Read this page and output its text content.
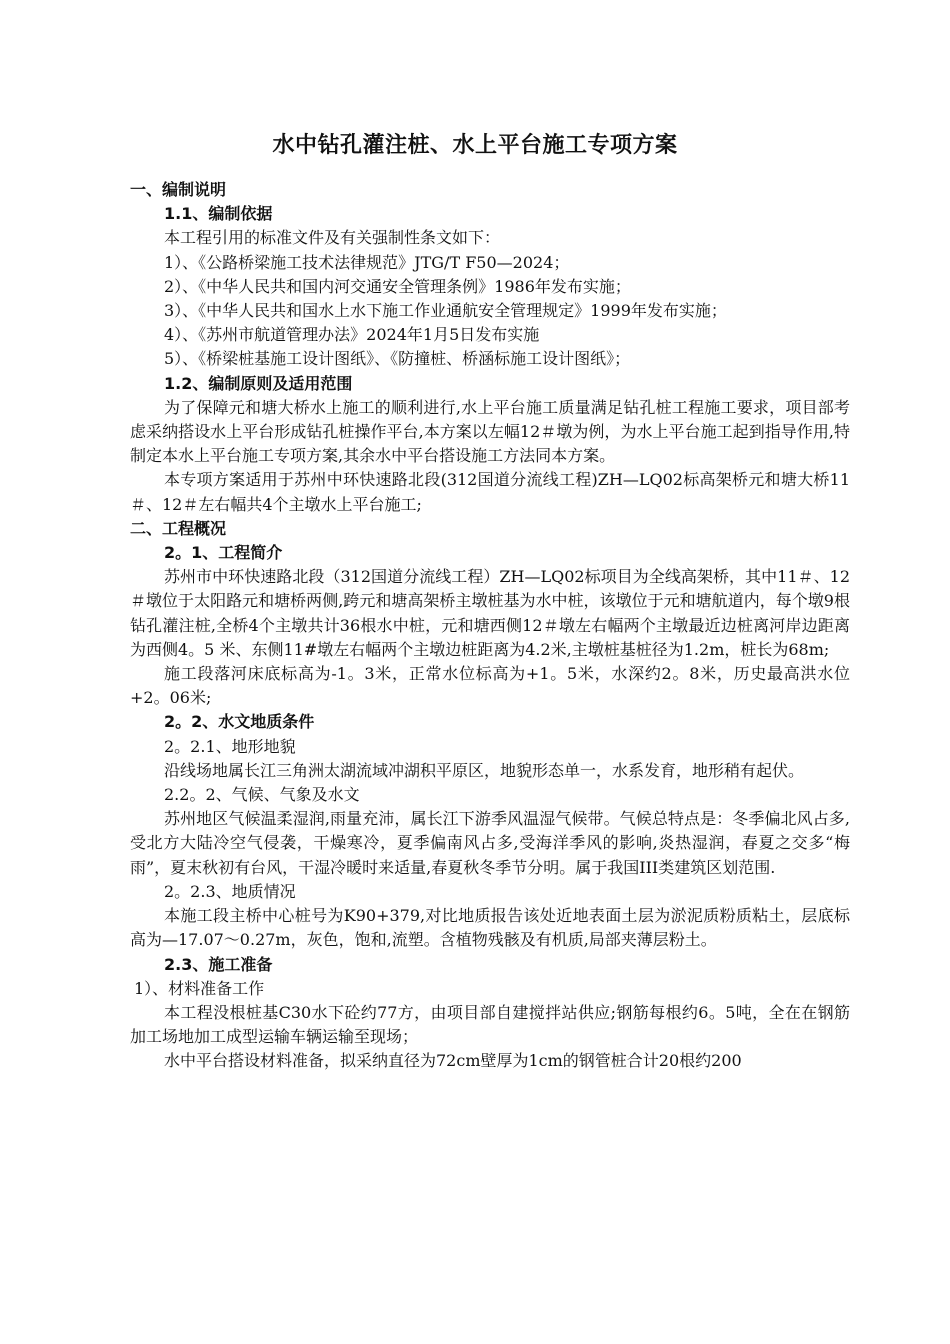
水中钻孔灌注桩、水上平台施工专项方案

一、编制说明

1.1、编制依据

本工程引用的标准文件及有关强制性条文如下：

1）、《公路桥梁施工技术法律规范》JTG/T F50—2024；

2）、《中华人民共和国内河交通安全管理条例》1986年发布实施；

3）、《中华人民共和国水上水下施工作业通航安全管理规定》1999年发布实施；

4）、《苏州市航道管理办法》2024年1月5日发布实施

5）、《桥梁桩基施工设计图纸》、《防撞桩、桥涵标施工设计图纸》；

1.2、编制原则及适用范围

为了保障元和塘大桥水上施工的顺利进行,水上平台施工质量满足钻孔桩工程施工要求，项目部考虑采纳搭设水上平台形成钻孔桩操作平台,本方案以左幅12＃墩为例，为水上平台施工起到指导作用,特制定本水上平台施工专项方案,其余水中平台搭设施工方法同本方案。

本专项方案适用于苏州中环快速路北段(312国道分流线工程)ZH—LQ02标高架桥元和塘大桥11＃、12＃左右幅共4个主墩水上平台施工;

二、工程概况

2。1、工程简介

苏州市中环快速路北段（312国道分流线工程）ZH—LQ02标项目为全线高架桥，其中11＃、12＃墩位于太阳路元和塘桥两侧,跨元和塘高架桥主墩桩基为水中桩，该墩位于元和塘航道内，每个墩9根钻孔灌注桩,全桥4个主墩共计36根水中桩，元和塘西侧12＃墩左右幅两个主墩最近边桩离河岸边距离为西侧4。5 米、东侧11#墩左右幅两个主墩边桩距离为4.2米,主墩桩基桩径为1.2m，桩长为68m;

施工段落河床底标高为-1。3米，正常水位标高为+1。5米，水深约2。8米，历史最高洪水位+2。06米;

2。2、水文地质条件

2。2.1、地形地貌

沿线场地属长江三角洲太湖流域冲湖积平原区，地貌形态单一，水系发育，地形稍有起伏。

2.2。2、气候、气象及水文

苏州地区气候温柔湿润,雨量充沛，属长江下游季风温湿气候带。气候总特点是：冬季偏北风占多,受北方大陆冷空气侵袭，干燥寒冷，夏季偏南风占多,受海洋季风的影响,炎热湿润，春夏之交多“梅雨”，夏末秋初有台风，干湿冷暖时来适量,春夏秋冬季节分明。属于我国III类建筑区划范围.

2。2.3、地质情况

本施工段主桥中心桩号为K90+379,对比地质报告该处近地表面土层为淤泥质粉质粘土，层底标高为—17.07～0.27m，灰色，饱和,流塑。含植物残骸及有机质,局部夹薄层粉土。

2.3、施工准备

1）、材料准备工作

本工程没根桩基C30水下砼约77方，由项目部自建搅拌站供应;钢筋每根约6。5吨，全在在钢筋加工场地加工成型运输车辆运输至现场；

水中平台搭设材料准备，拟采纳直径为72cm壁厚为1cm的钢管桩合计20根约200
